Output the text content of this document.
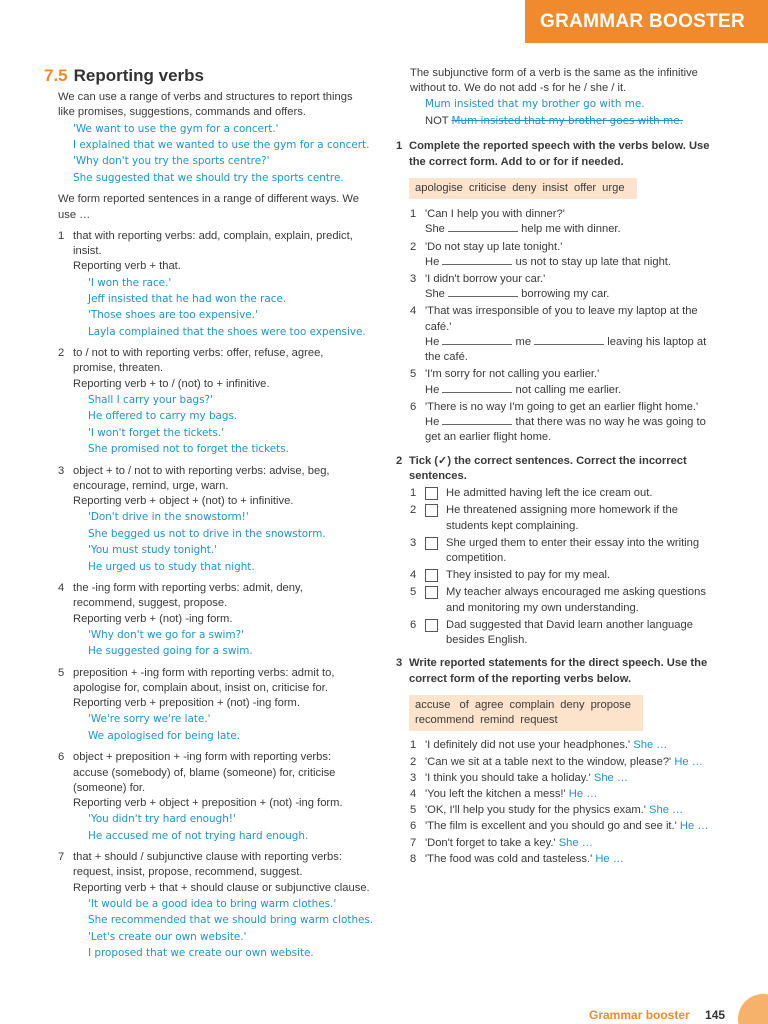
GRAMMAR BOOSTER
7.5 Reporting verbs
We can use a range of verbs and structures to report things
like promises, suggestions, commands and offers.
'We want to use the gym for a concert.'
I explained that we wanted to use the gym for a concert.
'Why don't you try the sports centre?'
She suggested that we should try the sports centre.
We form reported sentences in a range of different ways. We
use …
1 that with reporting verbs: add, complain, explain, predict,
insist.
Reporting verb + that.
'I won the race.'
Jeff insisted that he had won the race.
'Those shoes are too expensive.'
Layla complained that the shoes were too expensive.
2 to / not to with reporting verbs: offer, refuse, agree,
promise, threaten.
Reporting verb + to / (not) to + infinitive.
Shall I carry your bags?'
He offered to carry my bags.
'I won't forget the tickets.'
She promised not to forget the tickets.
3 object + to / not to with reporting verbs: advise, beg,
encourage, remind, urge, warn.
Reporting verb + object + (not) to + infinitive.
'Don't drive in the snowstorm!'
She begged us not to drive in the snowstorm.
'You must study tonight.'
He urged us to study that night.
4 the -ing form with reporting verbs: admit, deny,
recommend, suggest, propose.
Reporting verb + (not) -ing form.
'Why don't we go for a swim?'
He suggested going for a swim.
5 preposition + -ing form with reporting verbs: admit to,
apologise for, complain about, insist on, criticise for.
Reporting verb + preposition + (not) -ing form.
'We're sorry we're late.'
We apologised for being late.
6 object + preposition + -ing form with reporting verbs:
accuse (somebody) of, blame (someone) for, criticise
(someone) for.
Reporting verb + object + preposition + (not) -ing form.
'You didn't try hard enough!'
He accused me of not trying hard enough.
7 that + should / subjunctive clause with reporting verbs:
request, insist, propose, recommend, suggest.
Reporting verb + that + should clause or subjunctive clause.
'It would be a good idea to bring warm clothes.'
She recommended that we should bring warm clothes.
'Let's create our own website.'
I proposed that we create our own website.
The subjunctive form of a verb is the same as the infinitive
without to. We do not add -s for he / she / it.
Mum insisted that my brother go with me.
NOT Mum insisted that my brother goes with me.
1 Complete the reported speech with the verbs below. Use
the correct form. Add to or for if needed.
apologise criticise deny insist offer urge
1 'Can I help you with dinner?'
She	help me with dinner.
2 'Do not stay up late tonight.'
He	us not to stay up late that night.
3 'I didn't borrow your car.'
She	borrowing my car.
4 'That was irresponsible of you to leave my laptop at the
café.'
He	me	leaving his laptop at
the café.
5 'I'm sorry for not calling you earlier.'
He	not calling me earlier.
6 'There is no way I'm going to get an earlier flight home.'
He	that there was no way he was going to
get an earlier flight home.
2 Tick (✓) the correct sentences. Correct the incorrect
sentences.
1	He admitted having left the ice cream out.
2	He threatened assigning more homework if the
students kept complaining.
3	She urged them to enter their essay into the writing
competition.
4	They insisted to pay for my meal.
5	My teacher always encouraged me asking questions
and monitoring my own understanding.
6	Dad suggested that David learn another language
besides English.
3 Write reported statements for the direct speech. Use the
correct form of the reporting verbs below.
accuse of agree complain deny propose
recommend remind request
1 'I definitely did not use your headphones.' She …
2 'Can we sit at a table next to the window, please?' He …
3 'I think you should take a holiday.' She …
4 'You left the kitchen a mess!' He …
5 'OK, I'll help you study for the physics exam.' She …
6 'The film is excellent and you should go and see it.' He …
7 'Don't forget to take a key.' She …
8 'The food was cold and tasteless.' He …
Grammar booster 145
